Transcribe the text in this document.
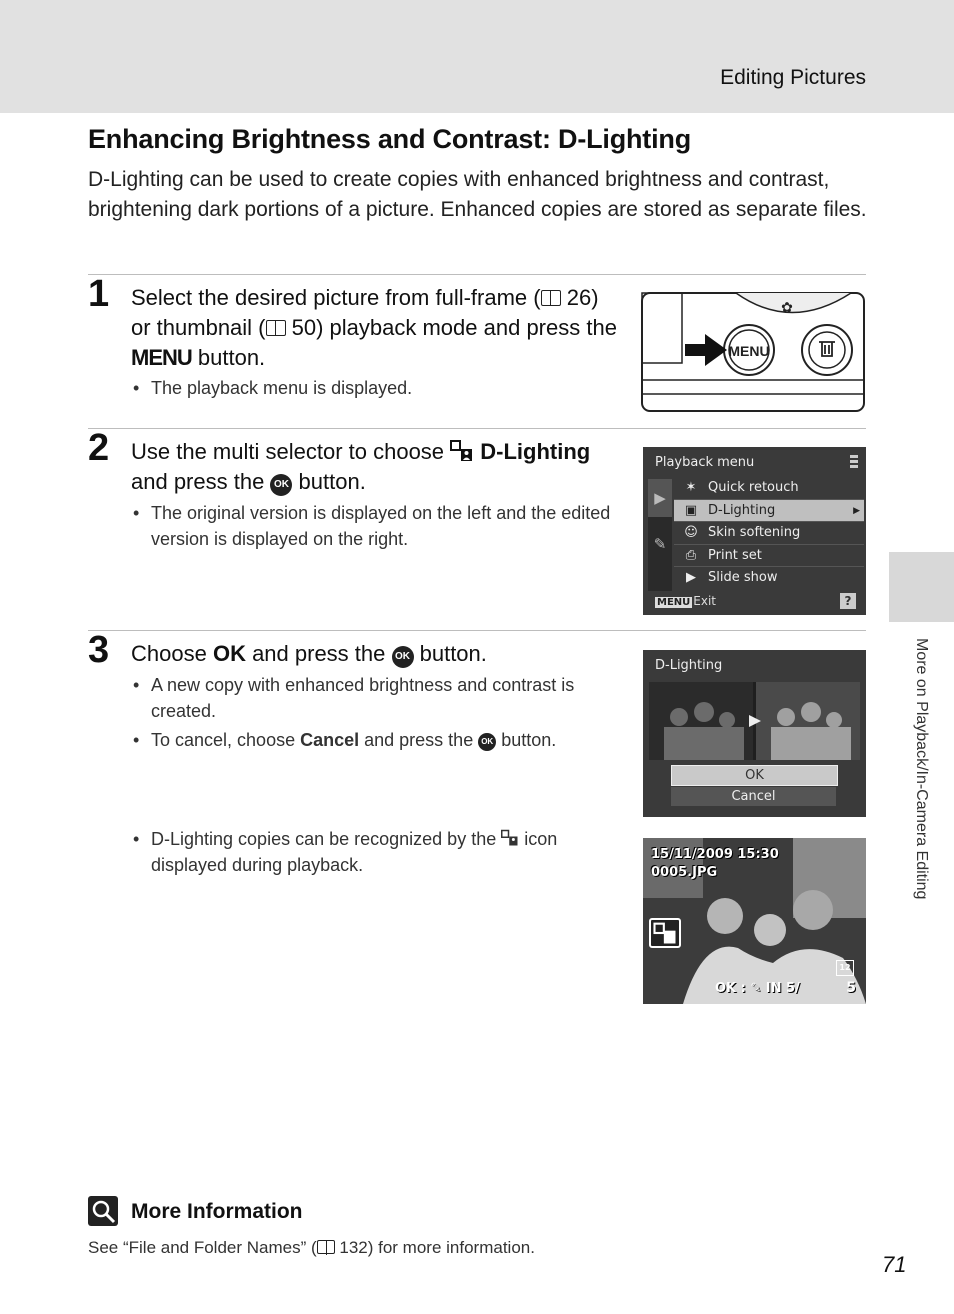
Editing Pictures
More on Playback/In-Camera Editing
Enhancing Brightness and Contrast: D-Lighting
D-Lighting can be used to create copies with enhanced brightness and contrast, brightening dark portions of a picture. Enhanced copies are stored as separate files.
1 Select the desired picture from full-frame ( 26) or thumbnail ( 50) playback mode and press the MENU button.
• The playback menu is displayed.
✿
MENU
2 Use the multi selector to choose  D-Lighting
and press the OK button.
• The original version is displayed on the left and the edited version is displayed on the right.
Playback menu
▶
✎
✶ Quick retouch
▣ D-Lighting	▶
☺ Skin softening
⎙ Print set
▶ Slide show
MENU Exit	?
3 Choose OK and press the OK button.
• A new copy with enhanced brightness and contrast is created.
• To cancel, choose Cancel and press the OK button.
• D-Lighting copies can be recognized by the  icon displayed during playback.
D-Lighting
OK
Cancel
15/11/2009 15:30
0005.JPG
12
OK : ✎ IN 5/	5
More Information
See “File and Folder Names” ( 132) for more information.
71
